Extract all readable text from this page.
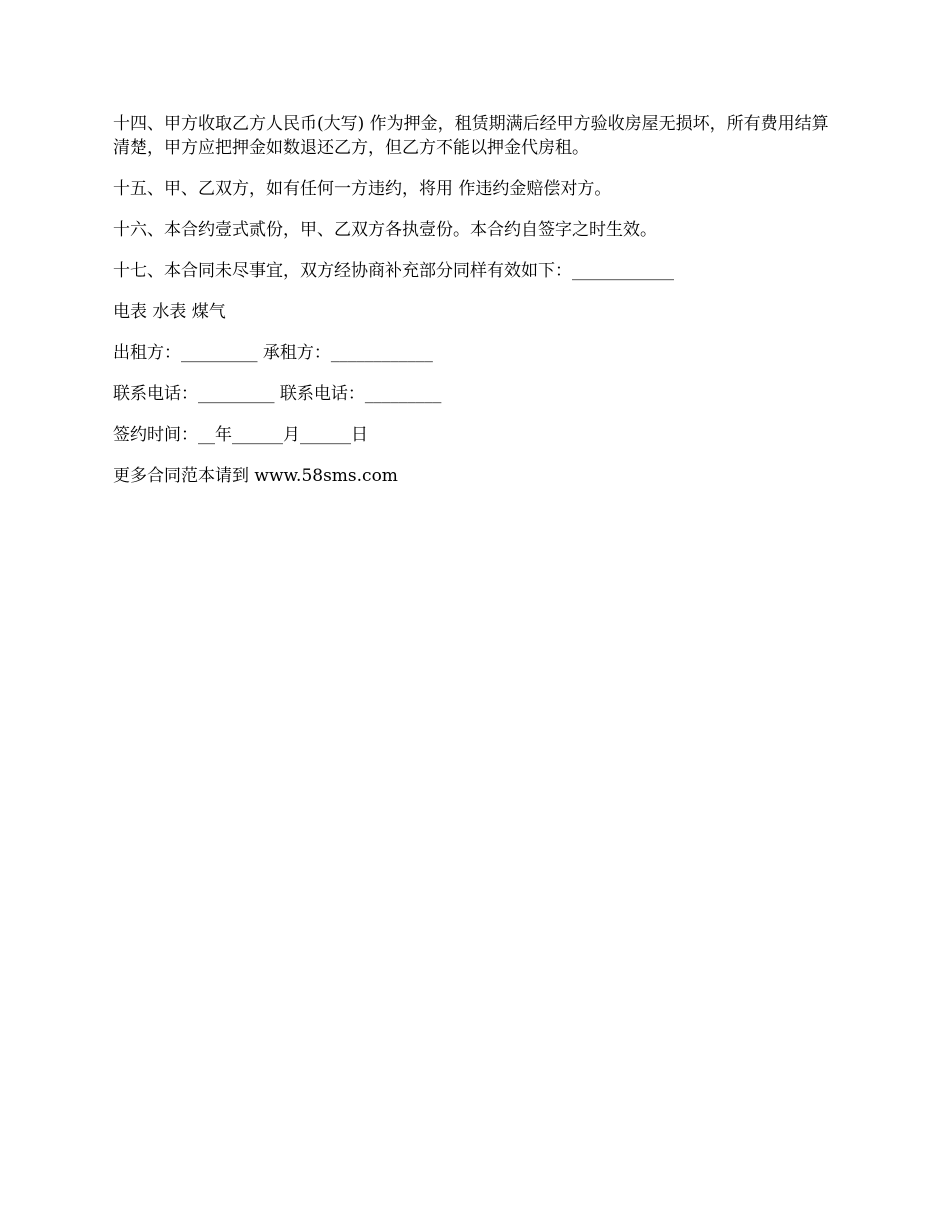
十四、甲方收取乙方人民币(大写) 作为押金，租赁期满后经甲方验收房屋无损坏，所有费用结算清楚，甲方应把押金如数退还乙方，但乙方不能以押金代房租。

十五、甲、乙双方，如有任何一方违约，将用 作违约金赔偿对方。

十六、本合约壹式贰份，甲、乙双方各执壹份。本合约自签字之时生效。

十七、本合同未尽事宜，双方经协商补充部分同样有效如下：____________

电表 水表 煤气

出租方：_________ 承租方：____________

联系电话：_________ 联系电话：_________

签约时间：__年______月______日

更多合同范本请到 www.58sms.com
